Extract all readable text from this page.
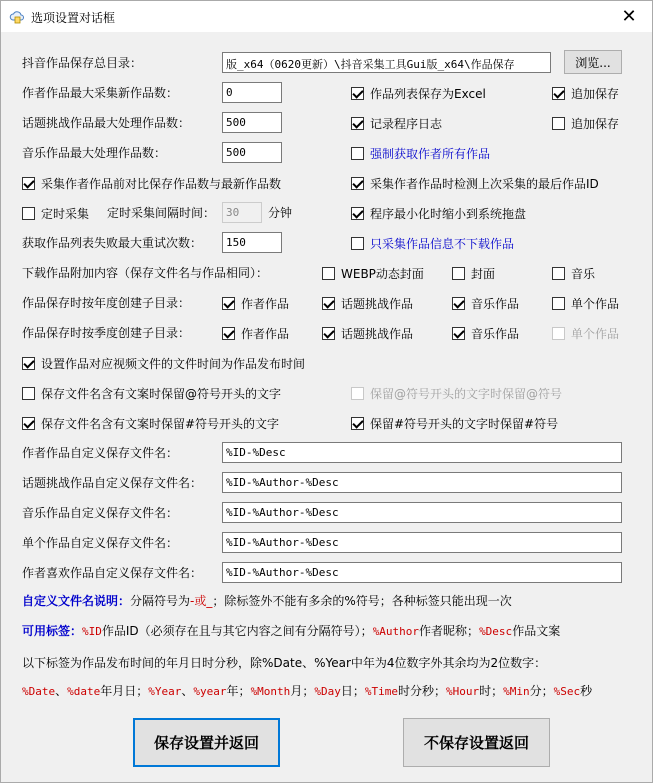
选项设置对话框	✕
抖音作品保存总目录：	版_x64（0620更新）\抖音采集工具Gui版_x64\作品保存	浏览...
作者作品最大采集新作品数：	0	作品列表保存为Excel	追加保存
话题挑战作品最大处理作品数：	500	记录程序日志	追加保存
音乐作品最大处理作品数：	500	强制获取作者所有作品
采集作者作品前对比保存作品数与最新作品数	采集作者作品时检测上次采集的最后作品ID
定时采集 定时采集间隔时间： 30	分钟	程序最小化时缩小到系统拖盘
获取作品列表失败最大重试次数：	150	只采集作品信息不下载作品
下载作品附加内容（保存文件名与作品相同）：	WEBP动态封面	封面	音乐
作品保存时按年度创建子目录：	作者作品	话题挑战作品	音乐作品	单个作品
作品保存时按季度创建子目录：	作者作品	话题挑战作品	音乐作品	单个作品
设置作品对应视频文件的文件时间为作品发布时间
保存文件名含有文案时保留@符号开头的文字	保留@符号开头的文字时保留@符号
保存文件名含有文案时保留#符号开头的文字	保留#符号开头的文字时保留#符号
作者作品自定义保存文件名：	%ID-%Desc
话题挑战作品自定义保存文件名：	%ID-%Author-%Desc
音乐作品自定义保存文件名：	%ID-%Author-%Desc
单个作品自定义保存文件名：	%ID-%Author-%Desc
作者喜欢作品自定义保存文件名：	%ID-%Author-%Desc
自定义文件名说明：分隔符号为-或_；除标签外不能有多余的%符号；各种标签只能出现一次
可用标签：%ID作品ID（必须存在且与其它内容之间有分隔符号）；%Author作者昵称；%Desc作品文案
以下标签为作品发布时间的年月日时分秒，除%Date、%Year中年为4位数字外其余均为2位数字：
%Date、%date年月日；%Year、%year年；%Month月；%Day日；%Time时分秒；%Hour时；%Min分；%Sec秒
保存设置并返回	不保存设置返回
